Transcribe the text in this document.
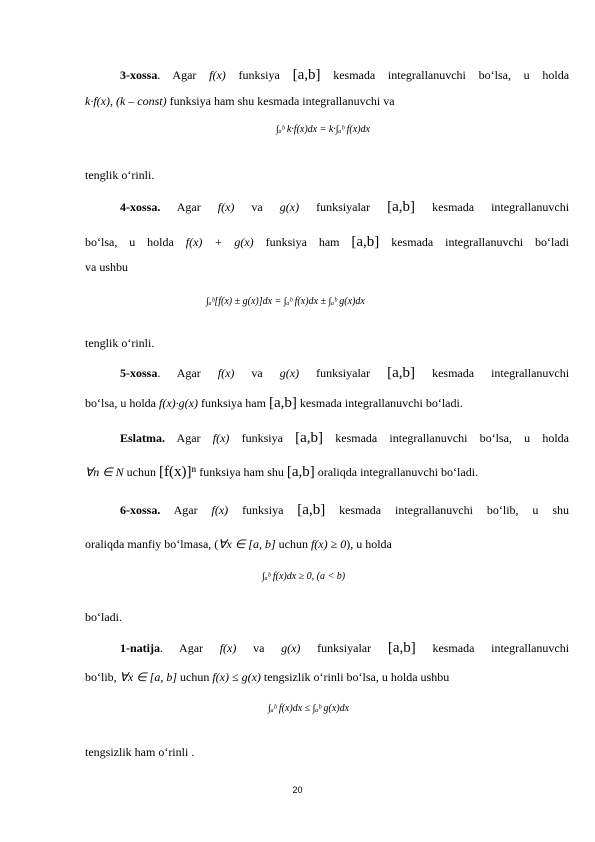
3-xossa. Agar f(x) funksiya [a,b] kesmada integrallanuvchi bo‘lsa, u holda
k·f(x), (k – const) funksiya ham shu kesmada integrallanuvchi va
∫ₐᵇ k·f(x)dx = k·∫ₐᵇ f(x)dx
tenglik o‘rinli.
4-xossa. Agar f(x) va g(x) funksiyalar [a,b] kesmada integrallanuvchi
bo‘lsa, u holda f(x) + g(x) funksiya ham [a,b] kesmada integrallanuvchi bo‘ladi
va ushbu
∫ₐᵇ[f(x) ± g(x)]dx = ∫ₐᵇ f(x)dx ± ∫ₐᵇ g(x)dx
tenglik o‘rinli.
5-xossa. Agar f(x) va g(x) funksiyalar [a,b] kesmada integrallanuvchi
bo‘lsa, u holda f(x)·g(x) funksiya ham [a,b] kesmada integrallanuvchi bo‘ladi.
Eslatma. Agar f(x) funksiya [a,b] kesmada integrallanuvchi bo‘lsa, u holda
∀n ∈ N uchun [f(x)]ⁿ funksiya ham shu [a,b] oraliqda integrallanuvchi bo‘ladi.
6-xossa. Agar f(x) funksiya [a,b] kesmada integrallanuvchi bo‘lib, u shu
oraliqda manfiy bo‘lmasa, (∀x ∈ [a, b] uchun f(x) ≥ 0), u holda
∫ₐᵇ f(x)dx ≥ 0, (a < b)
bo‘ladi.
1-natija. Agar f(x) va g(x) funksiyalar [a,b] kesmada integrallanuvchi
bo‘lib, ∀x ∈ [a, b] uchun f(x) ≤ g(x) tengsizlik o‘rinli bo‘lsa, u holda ushbu
∫ₐᵇ f(x)dx ≤ ∫ₐᵇ g(x)dx
tengsizlik ham o‘rinli .
20
